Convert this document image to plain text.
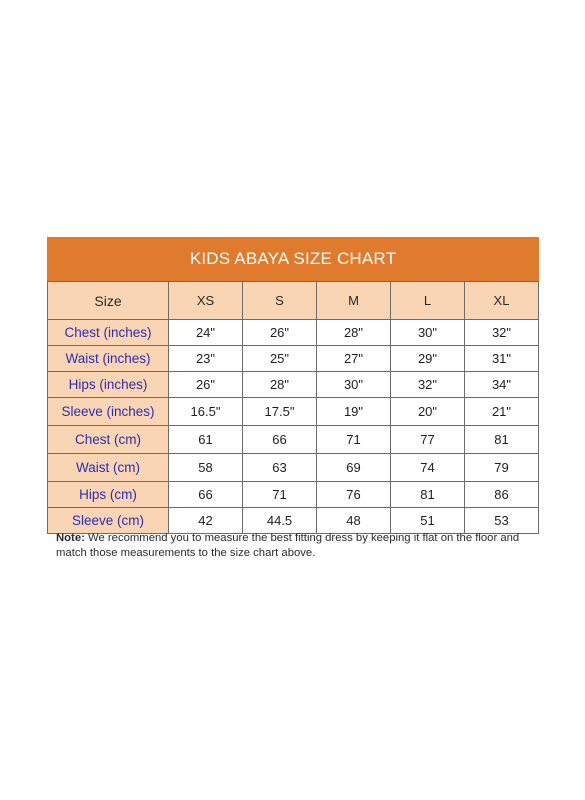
KIDS ABAYA SIZE CHART
Size	XS	S	M	L	XL
Chest (inches)	24"	26"	28"	30"	32"
Waist (inches)	23"	25"	27"	29"	31"
Hips (inches)	26"	28"	30"	32"	34"
Sleeve (inches)	16.5"	17.5"	19"	20"	21"
Chest (cm)	61	66	71	77	81
Waist (cm)	58	63	69	74	79
Hips (cm)	66	71	76	81	86
Sleeve (cm)	42	44.5	48	51	53
Note: We recommend you to measure the best fitting dress by keeping it flat on the floor and match those measurements to the size chart above.
